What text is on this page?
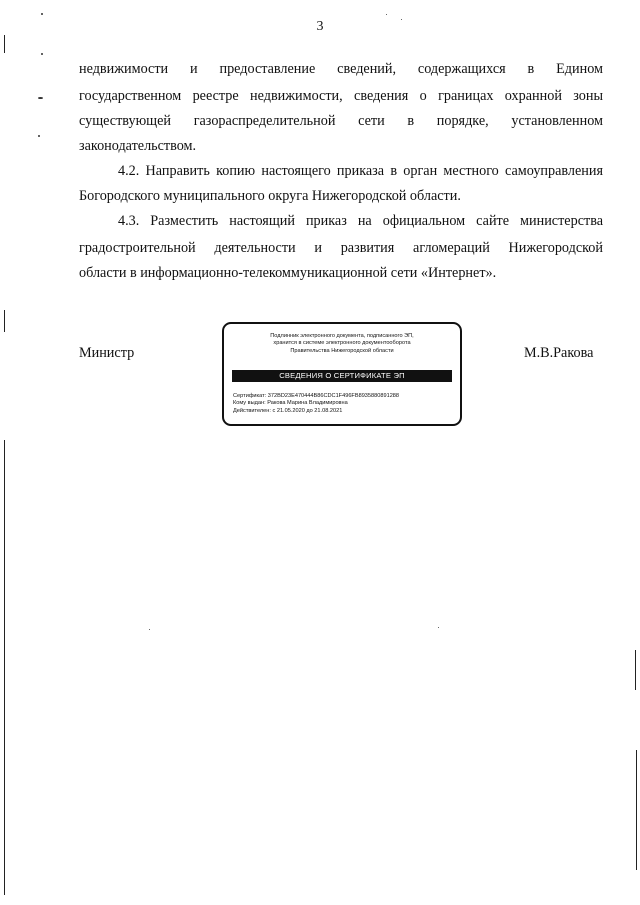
3
недвижимости и предоставление сведений, содержащихся в Едином
государственном реестре недвижимости, сведения о границах охранной зоны
существующей газораспределительной сети в порядке, установленном
законодательством.
4.2. Направить копию настоящего приказа в орган местного самоуправления
Богородского муниципального округа Нижегородской области.
4.3. Разместить настоящий приказ на официальном сайте министерства
градостроительной деятельности и развития агломераций Нижегородской
области в информационно-телекоммуникационной сети «Интернет».
Министр	М.В.Ракова
Подлинник электронного документа, подписанного ЭП,
хранится в системе электронного документооборота
Правительства Нижегородской области
СВЕДЕНИЯ О СЕРТИФИКАТЕ ЭП
Сертификат: 372BD23E470444B86CDC1F496FB8935880891288
Кому выдан: Ракова Марина Владимировна
Действителен: с 21.05.2020 до 21.08.2021
